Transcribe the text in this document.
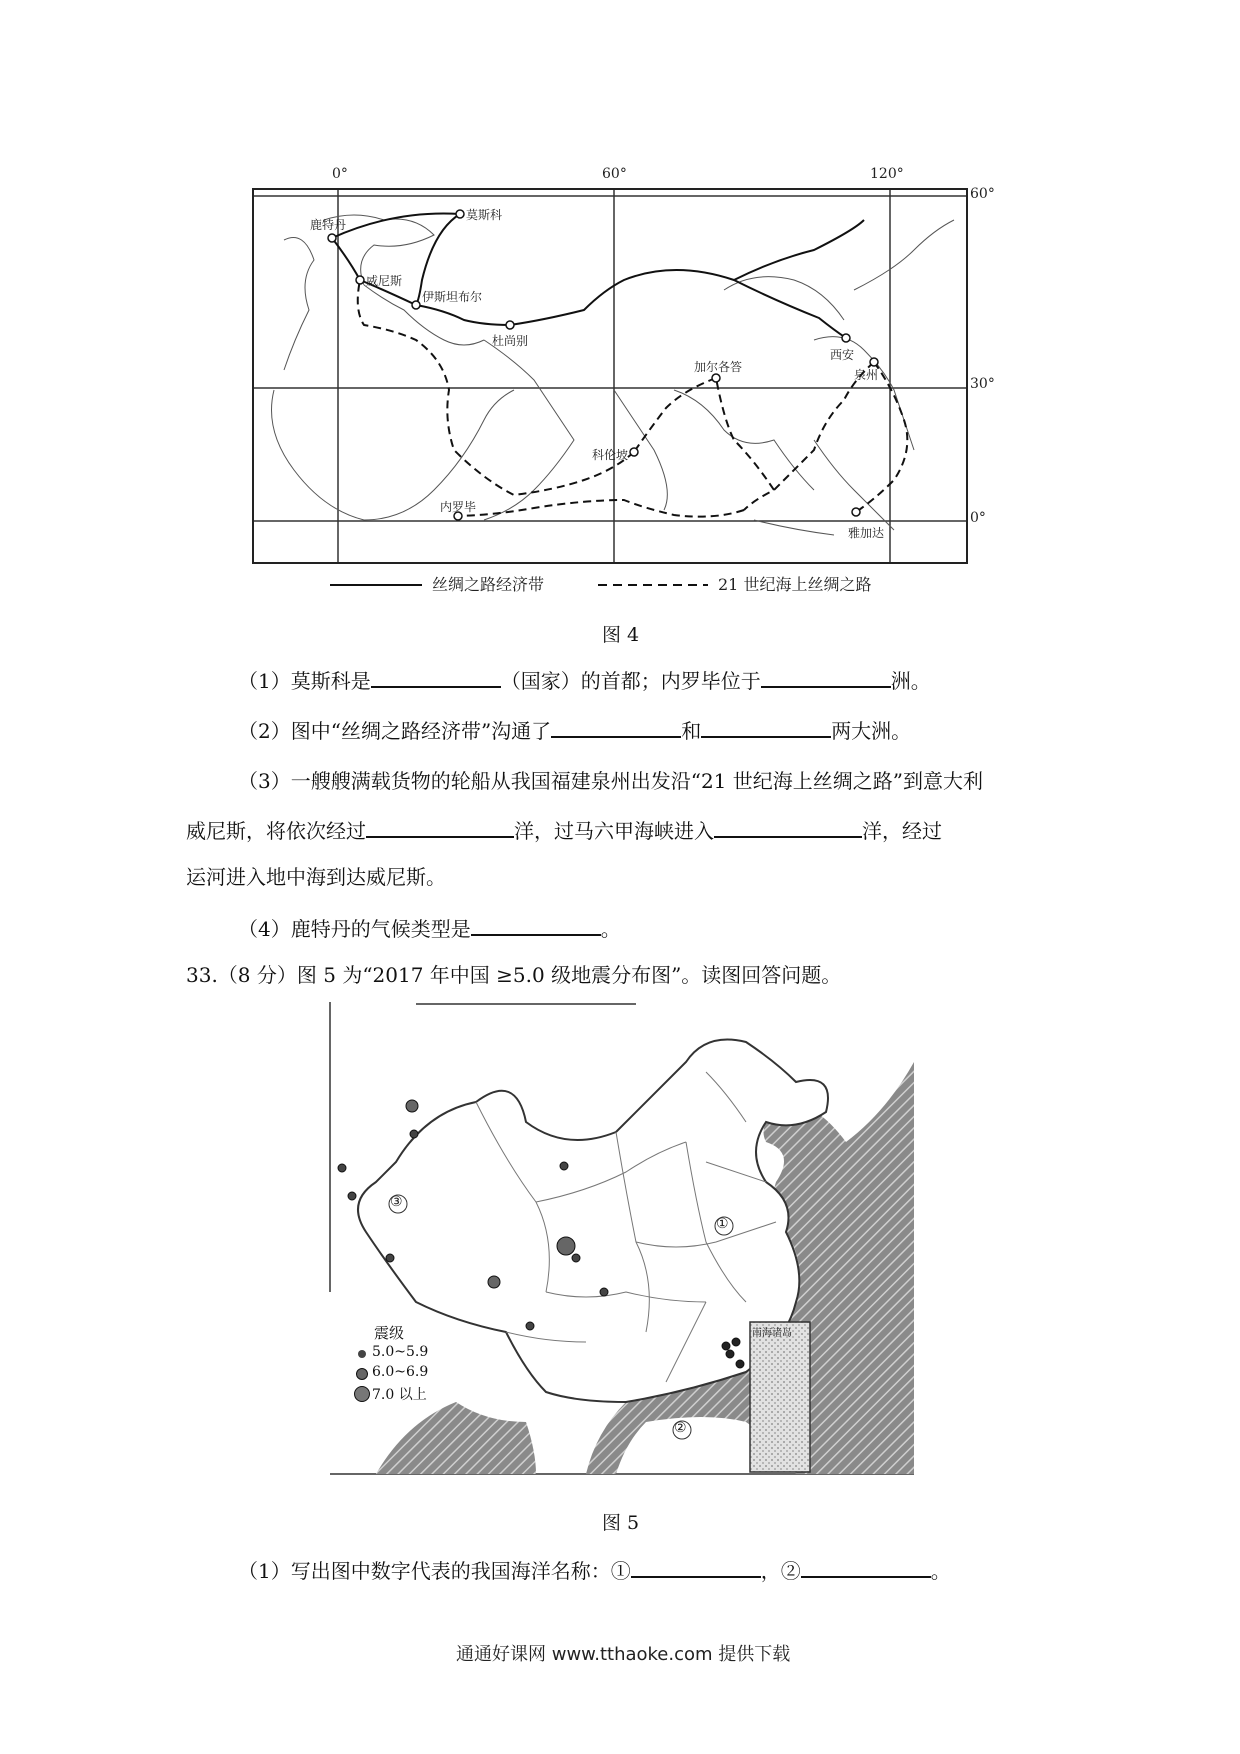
莫斯科
鹿特丹
威尼斯
伊斯坦布尔
杜尚别
西安
泉州
加尔各答
科伦坡
内罗毕
雅加达
0°	60°	120°
60°
30°
0°
丝绸之路经济带	21 世纪海上丝绸之路
图 4
（1）莫斯科是	（国家）的首都；内罗毕位于	洲。
（2）图中“丝绸之路经济带”沟通了	和	两大洲。
（3）一艘艘满载货物的轮船从我国福建泉州出发沿“21 世纪海上丝绸之路”到意大利
威尼斯，将依次经过	洋，过马六甲海峡进入	洋，经过
运河进入地中海到达威尼斯。
（4）鹿特丹的气候类型是	。
33.（8 分）图 5 为“2017 年中国 ≥5.0 级地震分布图”。读图回答问题。
①
②
③
南海诸岛
震级
5.0~5.9
6.0~6.9
7.0 以上
图 5
（1）写出图中数字代表的我国海洋名称：①	，②	。
通通好课网 www.tthaoke.com 提供下载
